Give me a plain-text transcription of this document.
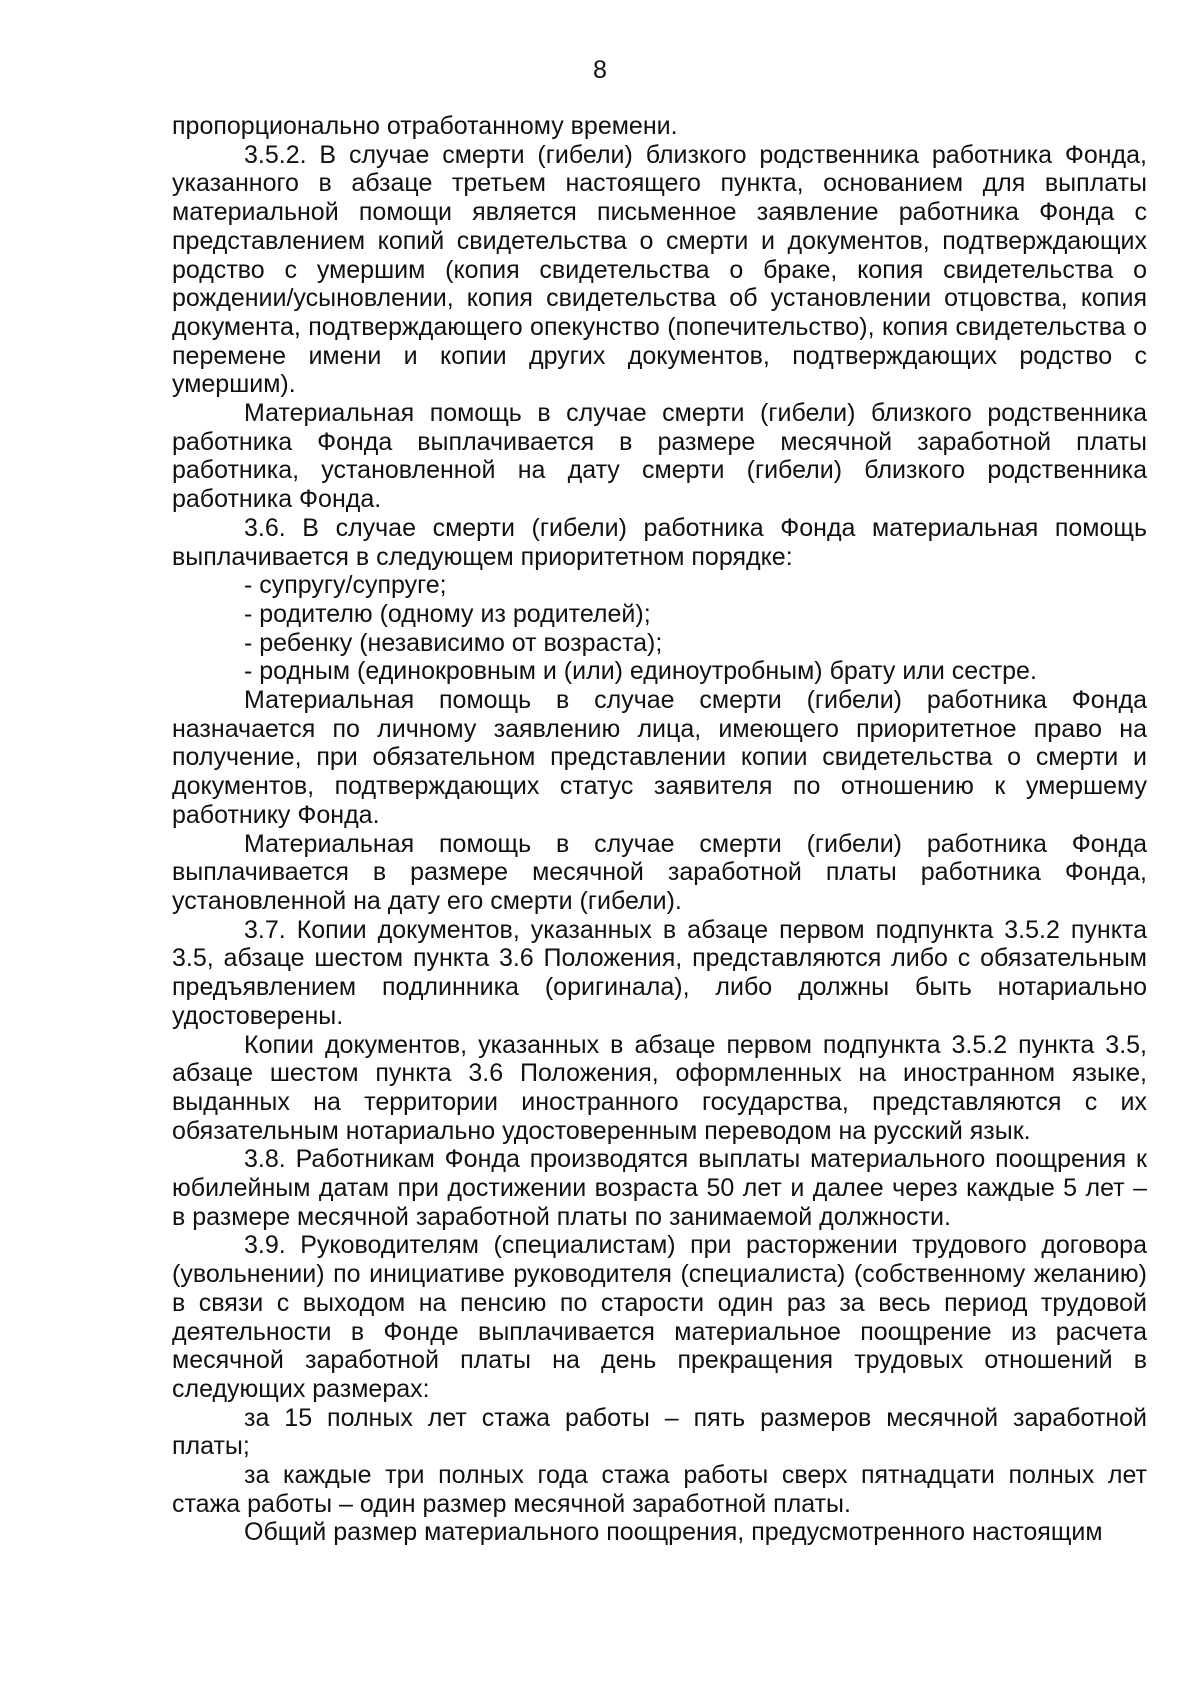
8

пропорционально отработанному времени.

3.5.2. В случае смерти (гибели) близкого родственника работника Фонда, указанного в абзаце третьем настоящего пункта, основанием для выплаты материальной помощи является письменное заявление работника Фонда с представлением копий свидетельства о смерти и документов, подтверждающих родство с умершим (копия свидетельства о браке, копия свидетельства о рождении/усыновлении, копия свидетельства об установлении отцовства, копия документа, подтверждающего опекунство (попечительство), копия свидетельства о перемене имени и копии других документов, подтверждающих родство с умершим).

Материальная помощь в случае смерти (гибели) близкого родственника работника Фонда выплачивается в размере месячной заработной платы работника, установленной на дату смерти (гибели) близкого родственника работника Фонда.

3.6. В случае смерти (гибели) работника Фонда материальная помощь выплачивается в следующем приоритетном порядке:

- супругу/супруге;

- родителю (одному из родителей);

- ребенку (независимо от возраста);

- родным (единокровным и (или) единоутробным) брату или сестре.

Материальная помощь в случае смерти (гибели) работника Фонда назначается по личному заявлению лица, имеющего приоритетное право на получение, при обязательном представлении копии свидетельства о смерти и документов, подтверждающих статус заявителя по отношению к умершему работнику Фонда.

Материальная помощь в случае смерти (гибели) работника Фонда выплачивается в размере месячной заработной платы работника Фонда, установленной на дату его смерти (гибели).

3.7. Копии документов, указанных в абзаце первом подпункта 3.5.2 пункта 3.5, абзаце шестом пункта 3.6 Положения, представляются либо с обязательным предъявлением подлинника (оригинала), либо должны быть нотариально удостоверены.

Копии документов, указанных в абзаце первом подпункта 3.5.2 пункта 3.5, абзаце шестом пункта 3.6 Положения, оформленных на иностранном языке, выданных на территории иностранного государства, представляются с их обязательным нотариально удостоверенным переводом на русский язык.

3.8. Работникам Фонда производятся выплаты материального поощрения к юбилейным датам при достижении возраста 50 лет и далее через каждые 5 лет – в размере месячной заработной платы по занимаемой должности.

3.9. Руководителям (специалистам) при расторжении трудового договора (увольнении) по инициативе руководителя (специалиста) (собственному желанию) в связи с выходом на пенсию по старости один раз за весь период трудовой деятельности в Фонде выплачивается материальное поощрение из расчета месячной заработной платы на день прекращения трудовых отношений в следующих размерах:

за 15 полных лет стажа работы – пять размеров месячной заработной платы;

за каждые три полных года стажа работы сверх пятнадцати полных лет стажа работы – один размер месячной заработной платы.

Общий размер материального поощрения, предусмотренного настоящим
